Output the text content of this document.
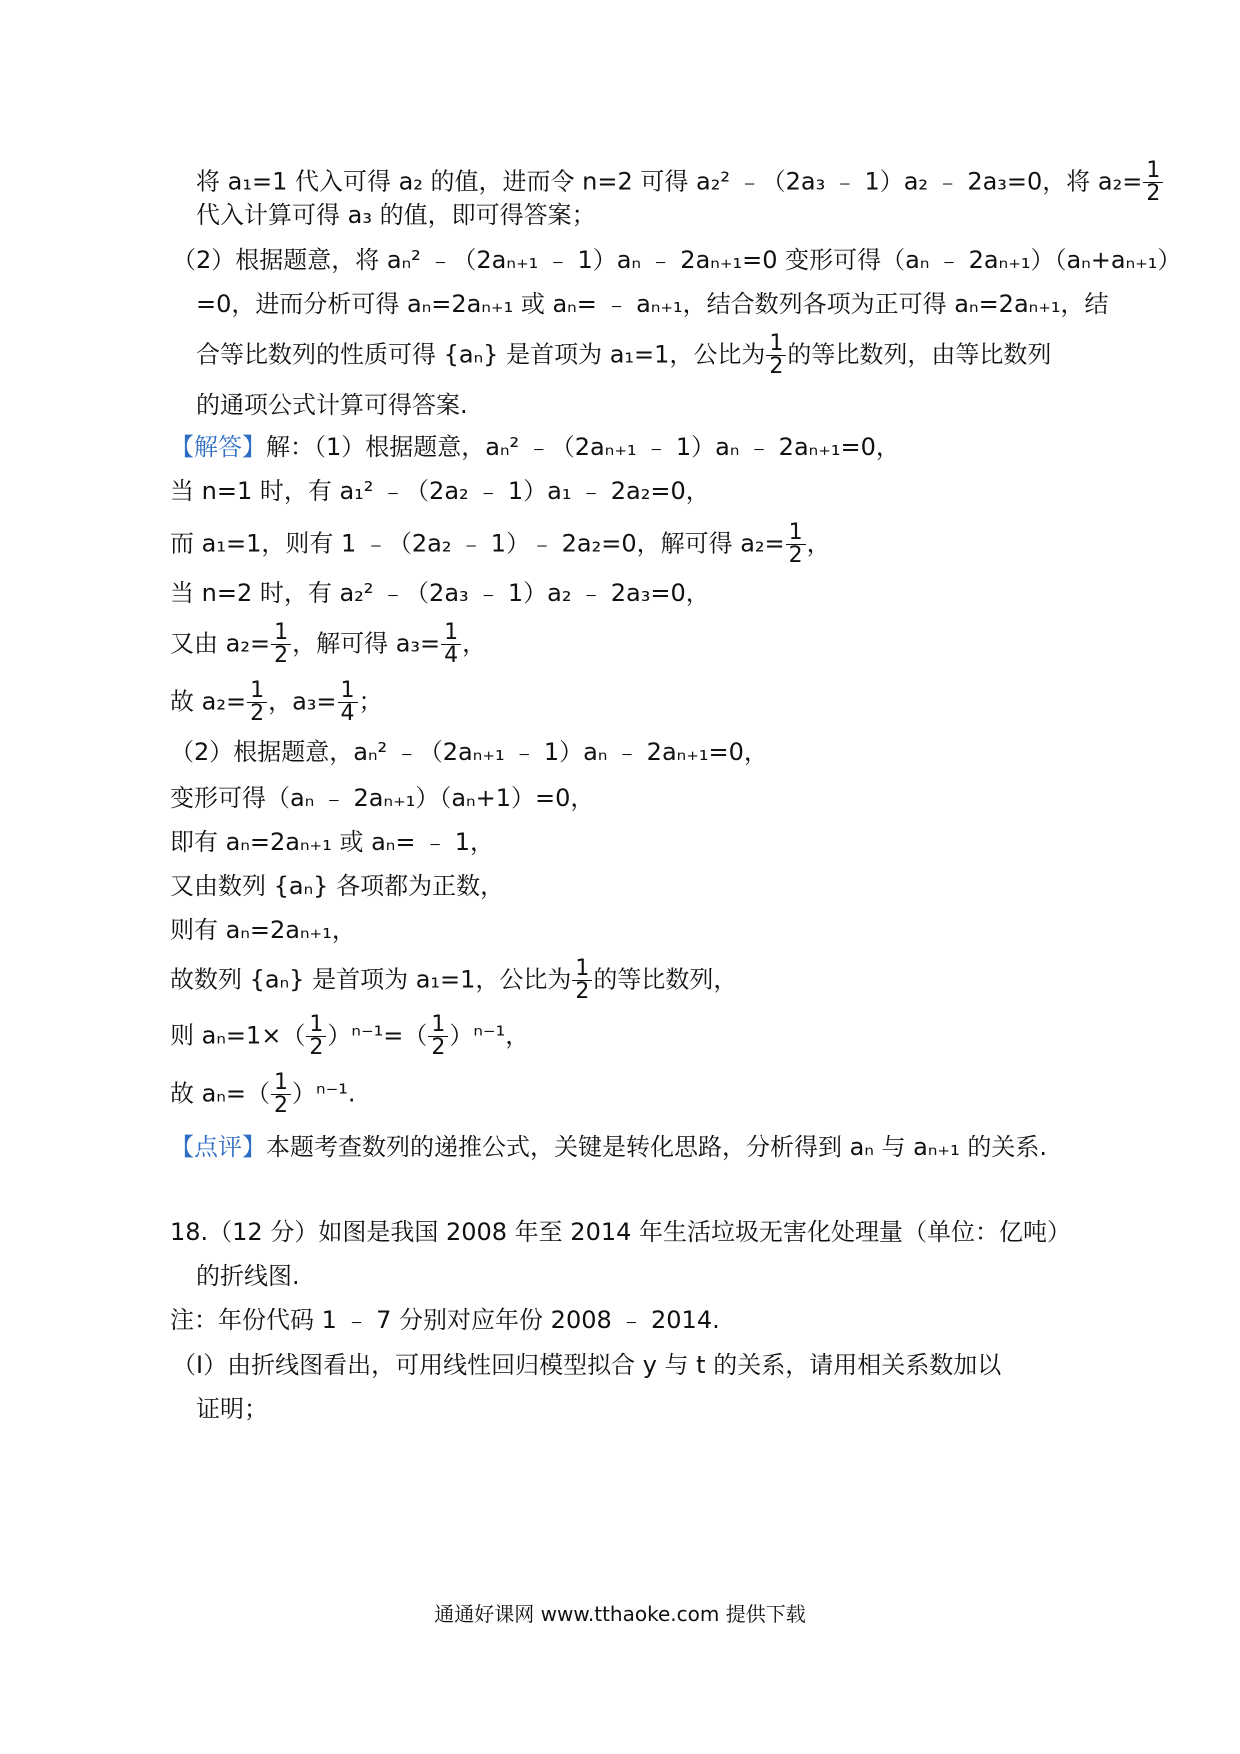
将 a₁=1 代入可得 a₂ 的值，进而令 n=2 可得 a₂² ﹣（2a₃ ﹣ 1）a₂ ﹣ 2a₃=0，将 $a_2= \frac{1}{2}$
代入计算可得 a₃ 的值，即可得答案；
（2）根据题意，将 aₙ² ﹣（2aₙ₊₁ ﹣ 1）aₙ ﹣ 2aₙ₊₁=0 变形可得（aₙ ﹣ 2aₙ₊₁）（aₙ+aₙ₊₁）
=0，进而分析可得 aₙ=2aₙ₊₁ 或 aₙ= ﹣ aₙ₊₁，结合数列各项为正可得 aₙ=2aₙ₊₁，结
合等比数列的性质可得 {aₙ} 是首项为 a₁=1，公比为 $\frac{1}{2}$ 的等比数列，由等比数列
的通项公式计算可得答案.
【解答】解：（1）根据题意，aₙ² ﹣（2aₙ₊₁ ﹣ 1）aₙ ﹣ 2aₙ₊₁=0，
当 n=1 时，有 a₁² ﹣（2a₂ ﹣ 1）a₁ ﹣ 2a₂=0，
而 a₁=1，则有 1 ﹣（2a₂ ﹣ 1）﹣ 2a₂=0，解可得 $a_2= \frac{1}{2}$ ，
当 n=2 时，有 a₂² ﹣（2a₃ ﹣ 1）a₂ ﹣ 2a₃=0，
又由 $a_2= \frac{1}{2}$ ，解可得 $a_3= \frac{1}{4}$ ，
故 $a_2= \frac{1}{2}$ ，$a_3= \frac{1}{4}$ ；
（2）根据题意，aₙ² ﹣（2aₙ₊₁ ﹣ 1）aₙ ﹣ 2aₙ₊₁=0，
变形可得（aₙ ﹣ 2aₙ₊₁）（aₙ+1）=0，
即有 aₙ=2aₙ₊₁ 或 aₙ= ﹣ 1，
又由数列 {aₙ} 各项都为正数，
则有 aₙ=2aₙ₊₁，
故数列 {aₙ} 是首项为 a₁=1，公比为 $\frac{1}{2}$ 的等比数列，
则 $a_n=1\times( \frac{1}{2} )^{n-1}=( \frac{1}{2} )^{n-1}$，
故 $a_n=( \frac{1}{2} )^{n-1}$.
【点评】本题考查数列的递推公式，关键是转化思路，分析得到 aₙ 与 aₙ₊₁ 的关系.
18.（12 分）如图是我国 2008 年至 2014 年生活垃圾无害化处理量（单位：亿吨）
的折线图.
注：年份代码 1 ﹣ 7 分别对应年份 2008 ﹣ 2014.
（Ⅰ）由折线图看出，可用线性回归模型拟合 y 与 t 的关系，请用相关系数加以
证明；
通通好课网 www.tthaoke.com 提供下载
